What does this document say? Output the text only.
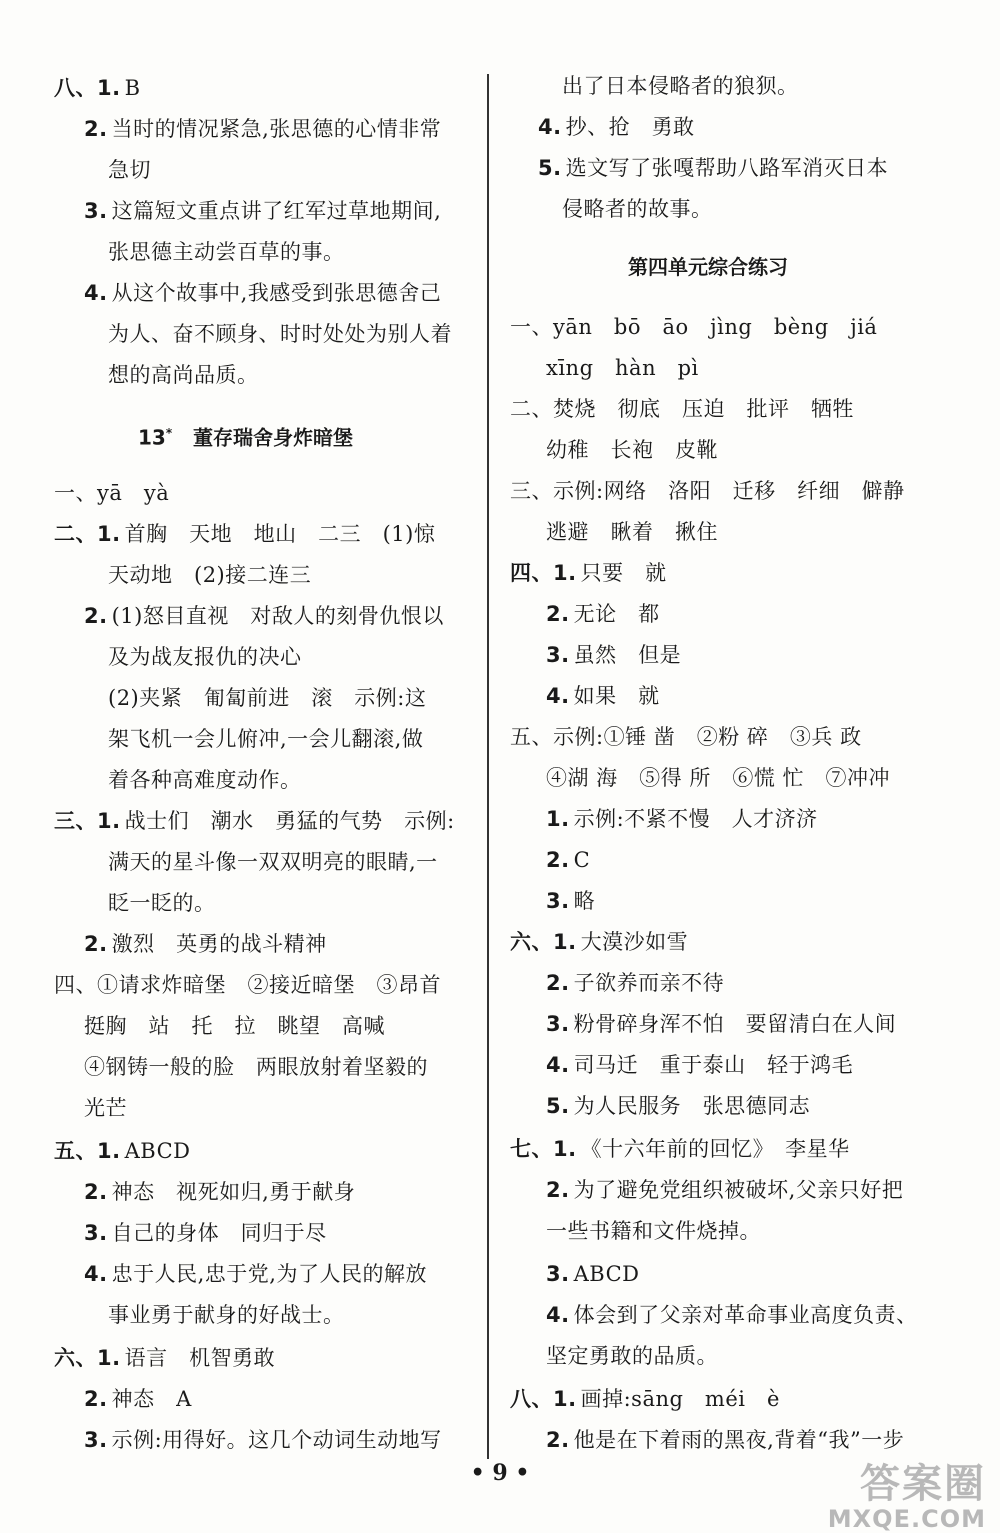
八、1. B
2. 当时的情况紧急,张思德的心情非常
急切
3. 这篇短文重点讲了红军过草地期间,
张思德主动尝百草的事。
4. 从这个故事中,我感受到张思德舍己
为人、奋不顾身、时时处处为别人着
想的高尚品质。
13* 董存瑞舍身炸暗堡
一、yā　yà
二、1. 首胸　天地　地山　二三　(1)惊
天动地　(2)接二连三
2. (1)怒目直视　对敌人的刻骨仇恨以
及为战友报仇的决心
(2)夹紧　匍匐前进　滚　示例:这
架飞机一会儿俯冲,一会儿翻滚,做
着各种高难度动作。
三、1. 战士们　潮水　勇猛的气势　示例:
满天的星斗像一双双明亮的眼睛,一
眨一眨的。
2. 激烈　英勇的战斗精神
四、①请求炸暗堡　②接近暗堡　③昂首
挺胸　站　托　拉　眺望　高喊
④钢铸一般的脸　两眼放射着坚毅的
光芒
五、1. ABCD
2. 神态　视死如归,勇于献身
3. 自己的身体　同归于尽
4. 忠于人民,忠于党,为了人民的解放
事业勇于献身的好战士。
六、1. 语言　机智勇敢
2. 神态　A
3. 示例:用得好。这几个动词生动地写
出了日本侵略者的狼狈。
4. 抄、抢　勇敢
5. 选文写了张嘎帮助八路军消灭日本
侵略者的故事。
第四单元综合练习
一、yān　bō　āo　jìng　bèng　jiá
xīng　hàn　pì
二、焚烧　彻底　压迫　批评　牺牲
幼稚　长袍　皮靴
三、示例:网络　洛阳　迁移　纤细　僻静
逃避　瞅着　揪住
四、1. 只要　就
2. 无论　都
3. 虽然　但是
4. 如果　就
五、示例:①锤 凿　②粉 碎　③兵 政
④湖 海　⑤得 所　⑥慌 忙　⑦冲冲
1. 示例:不紧不慢　人才济济
2. C
3. 略
六、1. 大漠沙如雪
2. 子欲养而亲不待
3. 粉骨碎身浑不怕　要留清白在人间
4. 司马迁　重于泰山　轻于鸿毛
5. 为人民服务　张思德同志
七、1. 《十六年前的回忆》　李星华
2. 为了避免党组织被破坏,父亲只好把
一些书籍和文件烧掉。
3. ABCD
4. 体会到了父亲对革命事业高度负责、
坚定勇敢的品质。
八、1. 画掉:sāng　méi　è
2. 他是在下着雨的黑夜,背着“我”一步
• 9 •	答案圈
MXQE.COM
